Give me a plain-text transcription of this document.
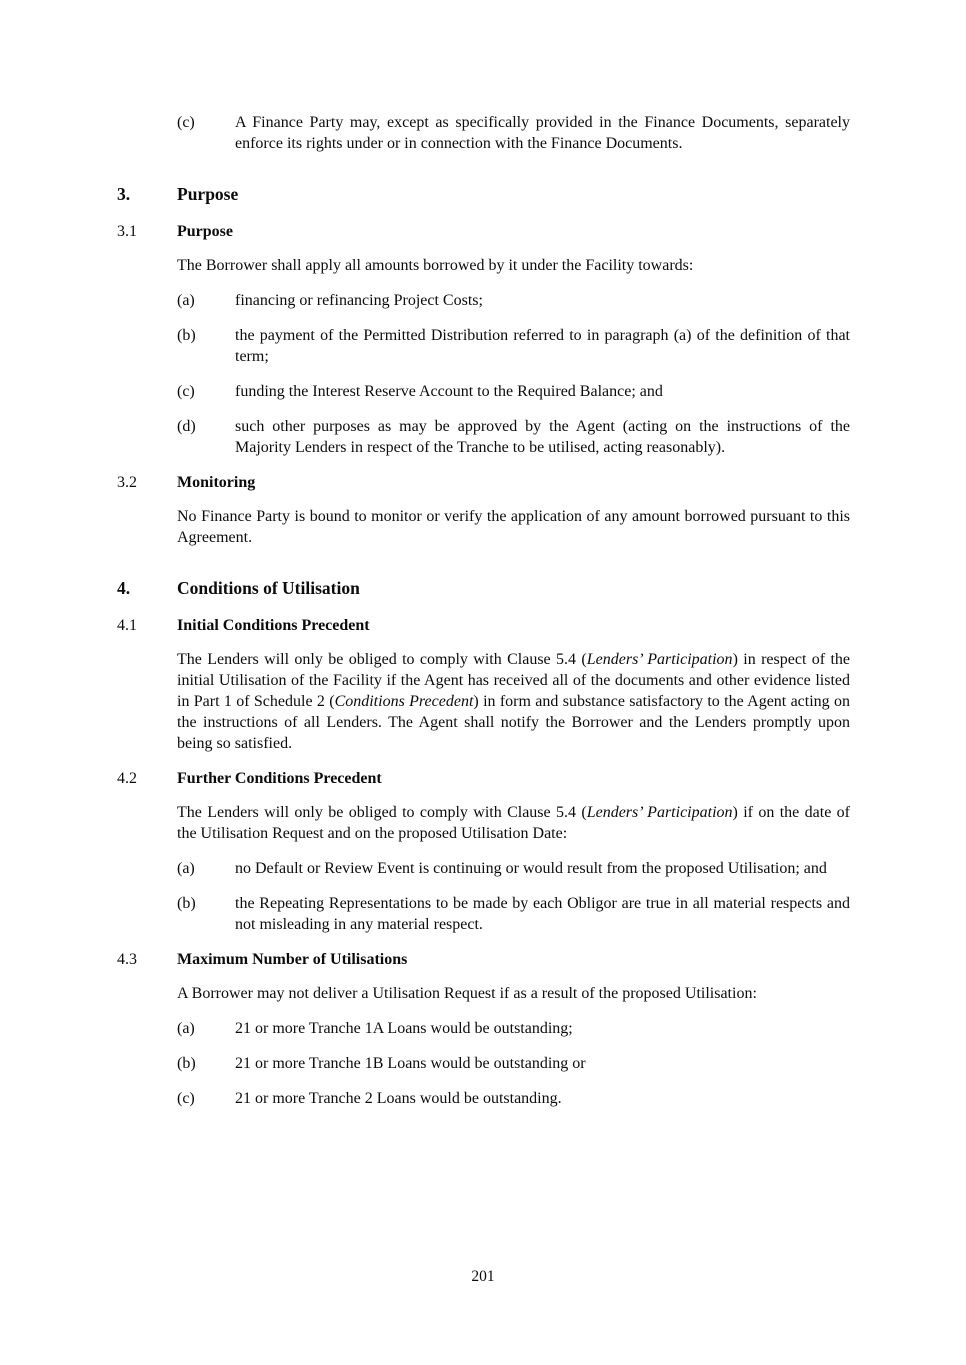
(c)	A Finance Party may, except as specifically provided in the Finance Documents, separately enforce its rights under or in connection with the Finance Documents.
3.	Purpose
3.1	Purpose
The Borrower shall apply all amounts borrowed by it under the Facility towards:
(a)	financing or refinancing Project Costs;
(b)	the payment of the Permitted Distribution referred to in paragraph (a) of the definition of that term;
(c)	funding the Interest Reserve Account to the Required Balance; and
(d)	such other purposes as may be approved by the Agent (acting on the instructions of the Majority Lenders in respect of the Tranche to be utilised, acting reasonably).
3.2	Monitoring
No Finance Party is bound to monitor or verify the application of any amount borrowed pursuant to this Agreement.
4.	Conditions of Utilisation
4.1	Initial Conditions Precedent
The Lenders will only be obliged to comply with Clause 5.4 (Lenders’ Participation) in respect of the initial Utilisation of the Facility if the Agent has received all of the documents and other evidence listed in Part 1 of Schedule 2 (Conditions Precedent) in form and substance satisfactory to the Agent acting on the instructions of all Lenders. The Agent shall notify the Borrower and the Lenders promptly upon being so satisfied.
4.2	Further Conditions Precedent
The Lenders will only be obliged to comply with Clause 5.4 (Lenders’ Participation) if on the date of the Utilisation Request and on the proposed Utilisation Date:
(a)	no Default or Review Event is continuing or would result from the proposed Utilisation; and
(b)	the Repeating Representations to be made by each Obligor are true in all material respects and not misleading in any material respect.
4.3	Maximum Number of Utilisations
A Borrower may not deliver a Utilisation Request if as a result of the proposed Utilisation:
(a)	21 or more Tranche 1A Loans would be outstanding;
(b)	21 or more Tranche 1B Loans would be outstanding or
(c)	21 or more Tranche 2 Loans would be outstanding.
201
